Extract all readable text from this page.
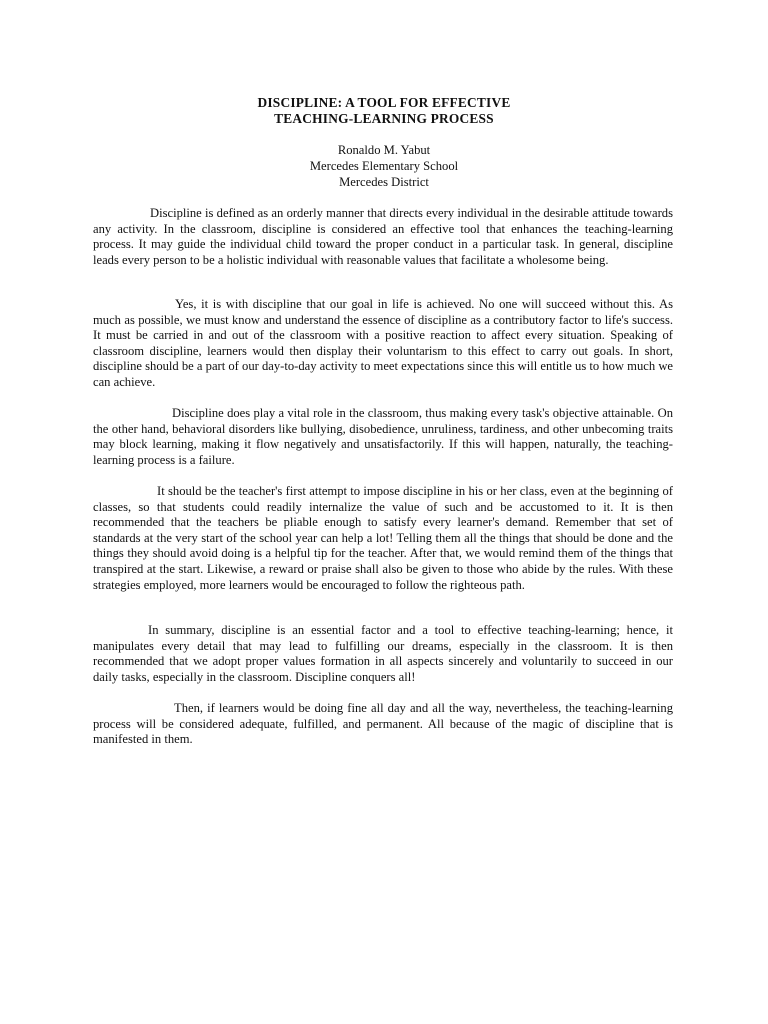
DISCIPLINE: A TOOL FOR EFFECTIVE
TEACHING-LEARNING PROCESS
Ronaldo M. Yabut
Mercedes Elementary School
Mercedes District

Discipline is defined as an orderly manner that directs every individual in the desirable attitude towards any activity. In the classroom, discipline is considered an effective tool that enhances the teaching-learning process. It may guide the individual child toward the proper conduct in a particular task. In general, discipline leads every person to be a holistic individual with reasonable values that facilitate a wholesome being.

Yes, it is with discipline that our goal in life is achieved. No one will succeed without this. As much as possible, we must know and understand the essence of discipline as a contributory factor to life's success. It must be carried in and out of the classroom with a positive reaction to affect every situation. Speaking of classroom discipline, learners would then display their voluntarism to this effect to carry out goals. In short, discipline should be a part of our day-to-day activity to meet expectations since this will entitle us to how much we can achieve.

Discipline does play a vital role in the classroom, thus making every task's objective attainable. On the other hand, behavioral disorders like bullying, disobedience, unruliness, tardiness, and other unbecoming traits may block learning, making it flow negatively and unsatisfactorily. If this will happen, naturally, the teaching-learning process is a failure.

It should be the teacher's first attempt to impose discipline in his or her class, even at the beginning of classes, so that students could readily internalize the value of such and be accustomed to it. It is then recommended that the teachers be pliable enough to satisfy every learner's demand. Remember that set of standards at the very start of the school year can help a lot! Telling them all the things that should be done and the things they should avoid doing is a helpful tip for the teacher. After that, we would remind them of the things that transpired at the start. Likewise, a reward or praise shall also be given to those who abide by the rules. With these strategies employed, more learners would be encouraged to follow the righteous path.

In summary, discipline is an essential factor and a tool to effective teaching-learning; hence, it manipulates every detail that may lead to fulfilling our dreams, especially in the classroom. It is then recommended that we adopt proper values formation in all aspects sincerely and voluntarily to succeed in our daily tasks, especially in the classroom. Discipline conquers all!

Then, if learners would be doing fine all day and all the way, nevertheless, the teaching-learning process will be considered adequate, fulfilled, and permanent. All because of the magic of discipline that is manifested in them.
